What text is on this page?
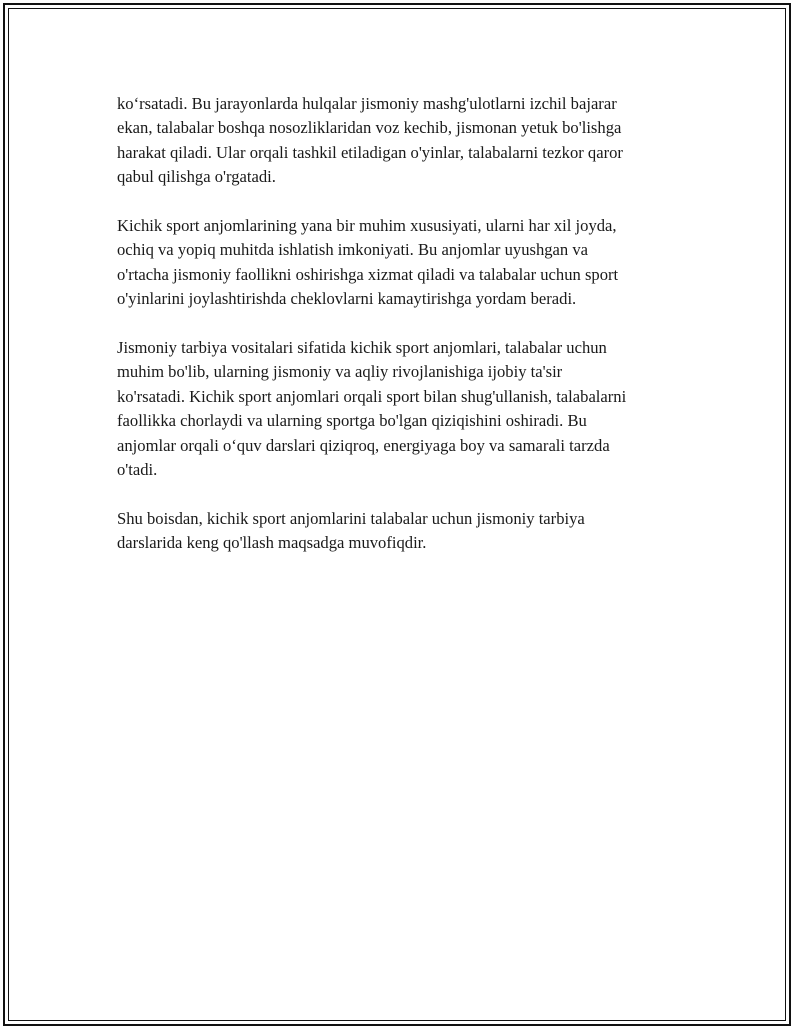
ko‘rsatadi. Bu jarayonlarda hulqalar jismoniy mashg'ulotlarni izchil bajarar
ekan, talabalar boshqa nosozliklaridan voz kechib, jismonan yetuk bo'lishga
harakat qiladi. Ular orqali tashkil etiladigan o'yinlar, talabalarni tezkor qaror
qabul qilishga o'rgatadi.

Kichik sport anjomlarining yana bir muhim xususiyati, ularni har xil joyda,
ochiq va yopiq muhitda ishlatish imkoniyati. Bu anjomlar uyushgan va
o'rtacha jismoniy faollikni oshirishga xizmat qiladi va talabalar uchun sport
o'yinlarini joylashtirishda cheklovlarni kamaytirishga yordam beradi.

Jismoniy tarbiya vositalari sifatida kichik sport anjomlari, talabalar uchun
muhim bo'lib, ularning jismoniy va aqliy rivojlanishiga ijobiy ta'sir
ko'rsatadi. Kichik sport anjomlari orqali sport bilan shug'ullanish, talabalarni
faollikka chorlaydi va ularning sportga bo'lgan qiziqishini oshiradi. Bu
anjomlar orqali o‘quv darslari qiziqroq, energiyaga boy va samarali tarzda
o'tadi.

Shu boisdan, kichik sport anjomlarini talabalar uchun jismoniy tarbiya
darslarida keng qo'llash maqsadga muvofiqdir.
